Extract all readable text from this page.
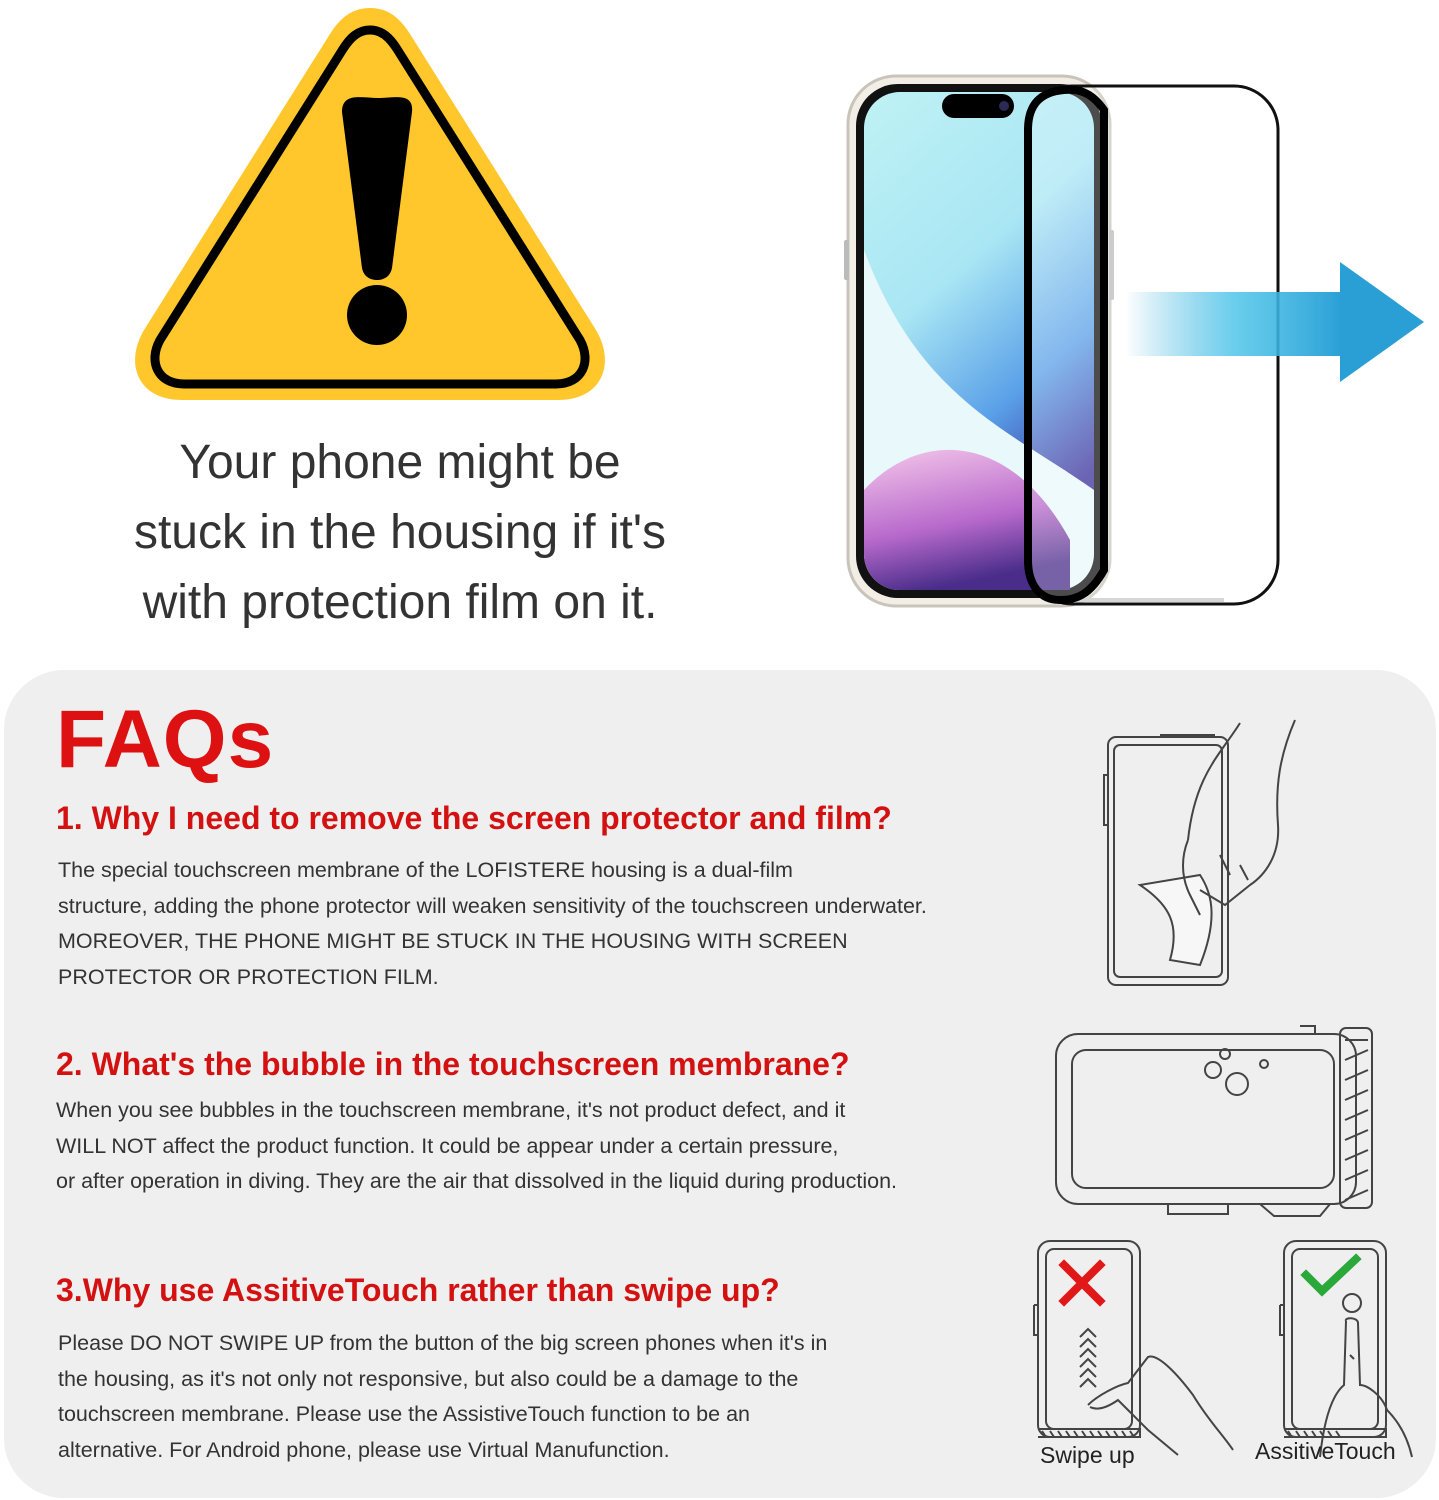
Your phone might be
stuck in the housing if it's
with protection film on it.
FAQs
1. Why I need to remove the screen protector and film?
The special touchscreen membrane of the LOFISTERE housing is a dual-film
structure, adding the phone protector will weaken sensitivity of the touchscreen underwater.
MOREOVER, THE PHONE MIGHT BE STUCK IN THE HOUSING WITH SCREEN
PROTECTOR OR PROTECTION FILM.
2. What's the bubble in the touchscreen membrane?
When you see bubbles in the touchscreen membrane, it's not product defect, and it
WILL NOT affect the product function. It could be appear under a certain pressure,
or after operation in diving. They are the air that dissolved in the liquid during production.
3.Why use AssitiveTouch rather than swipe up?
Please DO NOT SWIPE UP from the button of the big screen phones when it's in
the housing, as it's not only not responsive, but also could be a damage to the
touchscreen membrane. Please use the AssistiveTouch function to be an
alternative. For Android phone, please use Virtual Manufunction.	Swipe up	AssitiveTouch
